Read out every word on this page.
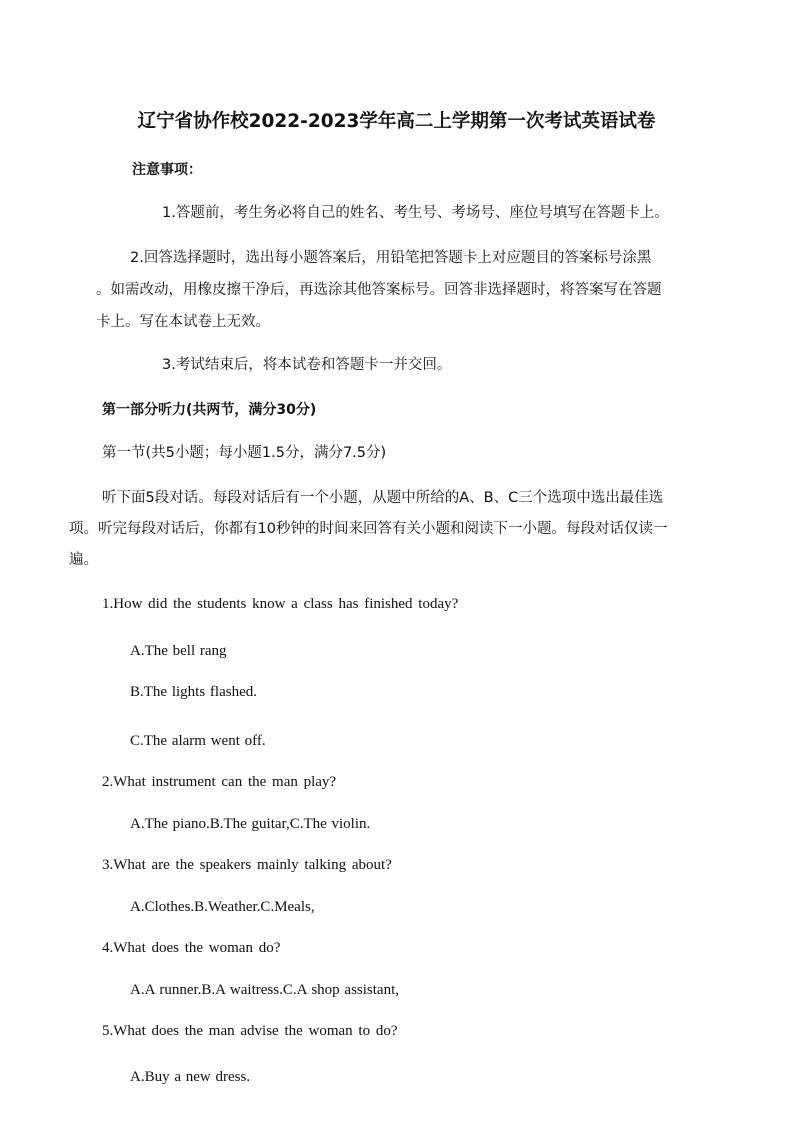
辽宁省协作校2022-2023学年高二上学期第一次考试英语试卷

注意事项：

1.答题前，考生务必将自己的姓名、考生号、考场号、座位号填写在答题卡上。

2.回答选择题时，选出每小题答案后，用铅笔把答题卡上对应题目的答案标号涂黑

。如需改动，用橡皮擦干净后，再选涂其他答案标号。回答非选择题时，将答案写在答题

卡上。写在本试卷上无效。

3.考试结束后，将本试卷和答题卡一并交回。

第一部分听力(共两节，满分30分)

第一节(共5小题；每小题1.5分，满分7.5分)

听下面5段对话。每段对话后有一个小题，从题中所给的A、B、C三个选项中选出最佳选

项。听完每段对话后，你都有10秒钟的时间来回答有关小题和阅读下一小题。每段对话仅读一

遍。

1.How did the students know a class has finished today?

A.The bell rang

B.The lights flashed.

C.The alarm went off.

2.What instrument can the man play?

A.The piano.B.The guitar,C.The violin.

3.What are the speakers mainly talking about?

A.Clothes.B.Weather.C.Meals,

4.What does the woman do?

A.A runner.B.A waitress.C.A shop assistant,

5.What does the man advise the woman to do?

A.Buy a new dress.
